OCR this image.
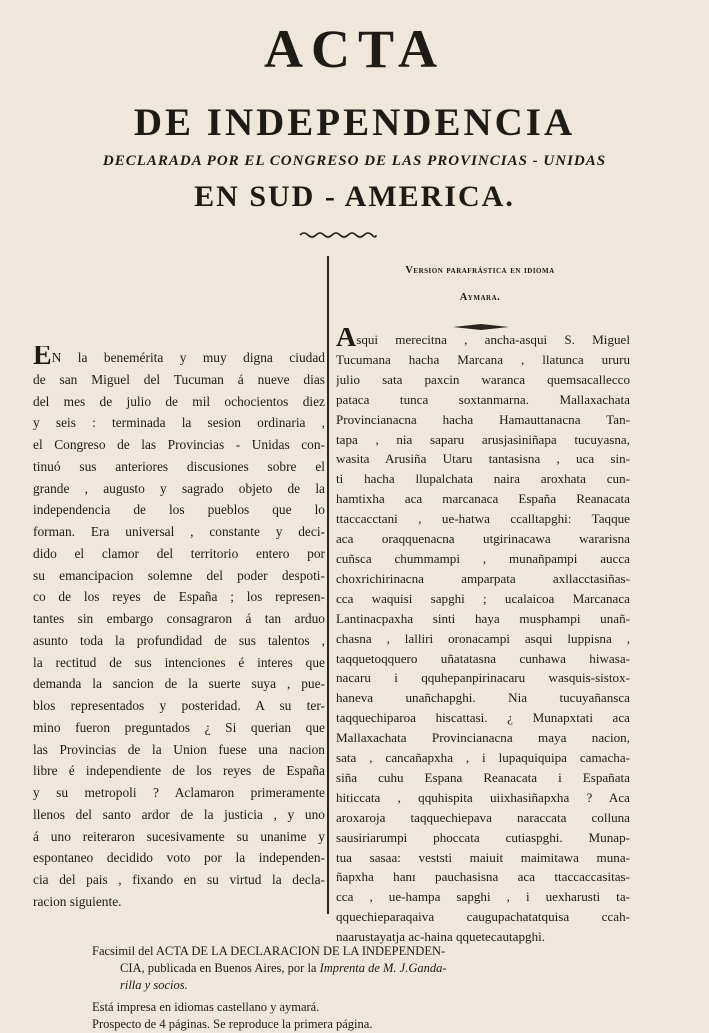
ACTA
DE INDEPENDENCIA
DECLARADA POR EL CONGRESO DE LAS PROVINCIAS - UNIDAS
EN SUD - AMERICA.
EN la benemérita y muy digna ciudad
de san Miguel del Tucuman á nueve dias
del mes de julio de mil ochocientos diez
y seis : terminada la sesion ordinaria ,
el Congreso de las Provincias - Unidas con-
tinuó sus anteriores discusiones sobre el
grande , augusto y sagrado objeto de la
independencia de los pueblos que lo
forman. Era universal , constante y deci-
dido el clamor del territorio entero por
su emancipacion solemne del poder despoti-
co de los reyes de España ; los represen-
tantes sin embargo consagraron á tan arduo
asunto toda la profundidad de sus talentos ,
la rectitud de sus intenciones é interes que
demanda la sancion de la suerte suya , pue-
blos representados y posteridad. A su ter-
mino fueron preguntados ¿ Si querian que
las Provincias de la Union fuese una nacion
libre é independiente de los reyes de España
y su metropoli ? Aclamaron primeramente
llenos del santo ardor de la justicia , y uno
á uno reiteraron sucesivamente su unanime y
espontaneo decidido voto por la independen-
cia del pais , fixando en su virtud la decla-
racion siguiente.
Version parafrástica en idioma
Aymara.
Asqui merecitna , ancha-asqui S. Miguel
Tucumana hacha Marcana , llatunca ururu
julio sata paxcin waranca quemsacallecco
pataca tunca soxtanmarna. Mallaxachata
Provincianacna hacha Hamauttanacna Tan-
tapa , nia saparu arusjasiniñapa tucuyasna,
wasita Arusiña Utaru tantasisna , uca sin-
ti hacha llupalchata naira aroxhata cun-
hamtixha aca marcanaca España Reanacata
ttaccacctani , ue-hatwa ccalltapghi: Taqque
aca oraqquenacna utgirinacawa wararisna
cuñsca chummampi , munañpampi aucca
choxrichirinacna amparpata axllacctasiñas-
cca waquisi sapghi ; ucalaicoa Marcanaca
Lantinacpaxha sinti haya musphampi unañ-
chasna , lalliri oronacampi asqui luppisna ,
taqquetoqquero uñatatasna cunhawa hiwasa-
nacaru i qquhepanpirinacaru wasquis-sistox-
haneva unañchapghi. Nia tucuyañansca
taqquechiparoa hiscattasi. ¿ Munapxtati aca
Mallaxachata Provincianacna maya nacion,
sata , cancañapxha , i lupaquiquipa camacha-
siña cuhu Espana Reanacata i Españata
hiticcata , qquhispita uiixhasiñapxha ? Aca
aroxaroja taqquechiepava naraccata colluna
sausiriarumpi phoccata cutiaspghi. Munap-
tua sasaa: veststi maiuit maimitawa muna-
ñapxha hanı pauchasisna aca ttaccaccasitas-
cca , ue-hampa sapghi , i uexharusti ta-
qquechieparaqaiva caugupachatatquisa ccah-
naarustayatja ac-haina qquetecautapghi.
Facsimil del ACTA DE LA DECLARACION DE LA INDEPENDEN-
CIA, publicada en Buenos Aires, por la Imprenta de M. J.Ganda-
rilla y socios.
Está impresa en idiomas castellano y aymará.
Prospecto de 4 páginas. Se reproduce la primera página.
